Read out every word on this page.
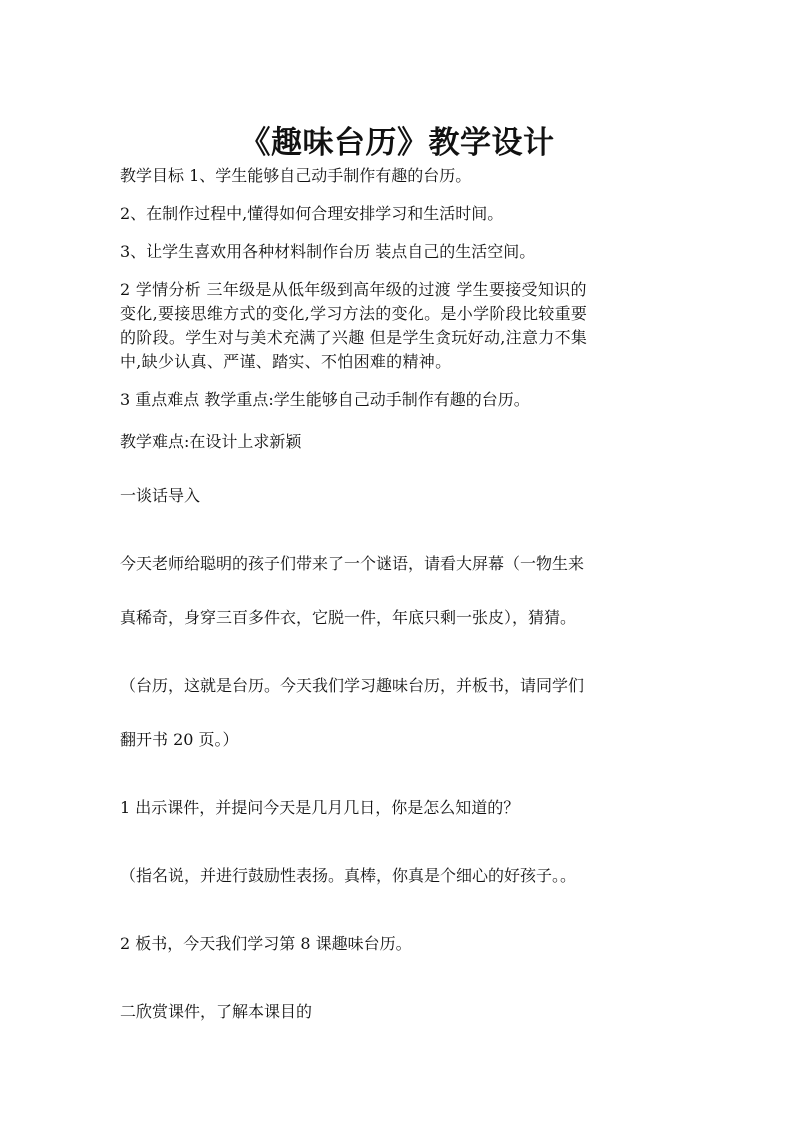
《趣味台历》教学设计

教学目标 1、学生能够自己动手制作有趣的台历。

2、在制作过程中,懂得如何合理安排学习和生活时间。

3、让学生喜欢用各种材料制作台历 装点自己的生活空间。

2 学情分析 三年级是从低年级到高年级的过渡 学生要接受知识的

变化,要接思维方式的变化,学习方法的变化。是小学阶段比较重要

的阶段。学生对与美术充满了兴趣 但是学生贪玩好动,注意力不集

中,缺少认真、严谨、踏实、不怕困难的精神。

3 重点难点 教学重点:学生能够自己动手制作有趣的台历。

教学难点:在设计上求新颖

一谈话导入

今天老师给聪明的孩子们带来了一个谜语，请看大屏幕（一物生来

真稀奇，身穿三百多件衣，它脱一件，年底只剩一张皮），猜猜。

（台历，这就是台历。今天我们学习趣味台历，并板书，请同学们

翻开书 20 页。）

1 出示课件，并提问今天是几月几日，你是怎么知道的？

（指名说，并进行鼓励性表扬。真棒，你真是个细心的好孩子。。

2 板书，今天我们学习第 8 课趣味台历。

二欣赏课件，了解本课目的
